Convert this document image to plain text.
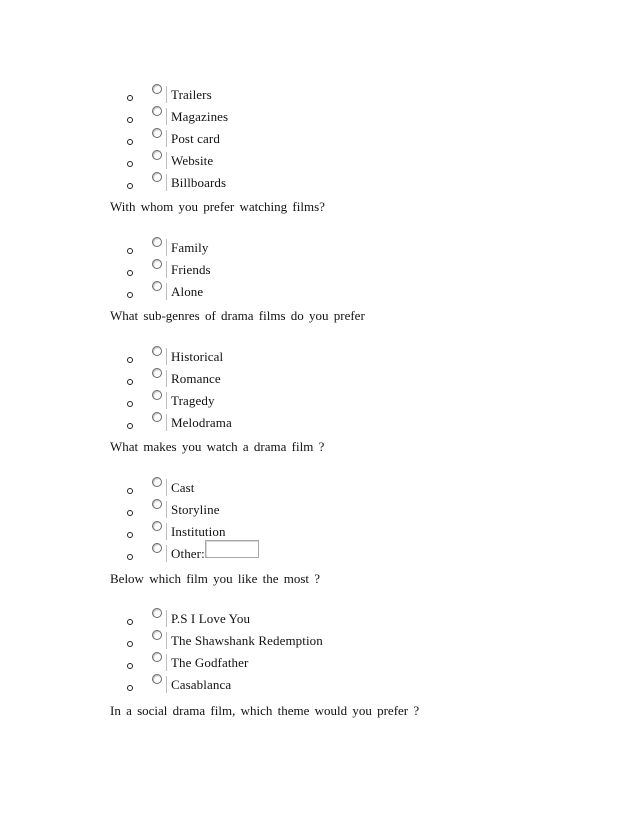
Trailers
Magazines
Post card
Website
Billboards
With whom you prefer watching films?
Family
Friends
Alone
What sub-genres of drama films do you prefer
Historical
Romance
Tragedy
Melodrama
What makes you watch a drama film ?
Cast
Storyline
Institution
Other:
Below which film you like the most ?
P.S I Love You
The Shawshank Redemption
The Godfather
Casablanca
In a social drama film, which theme would you prefer ?
